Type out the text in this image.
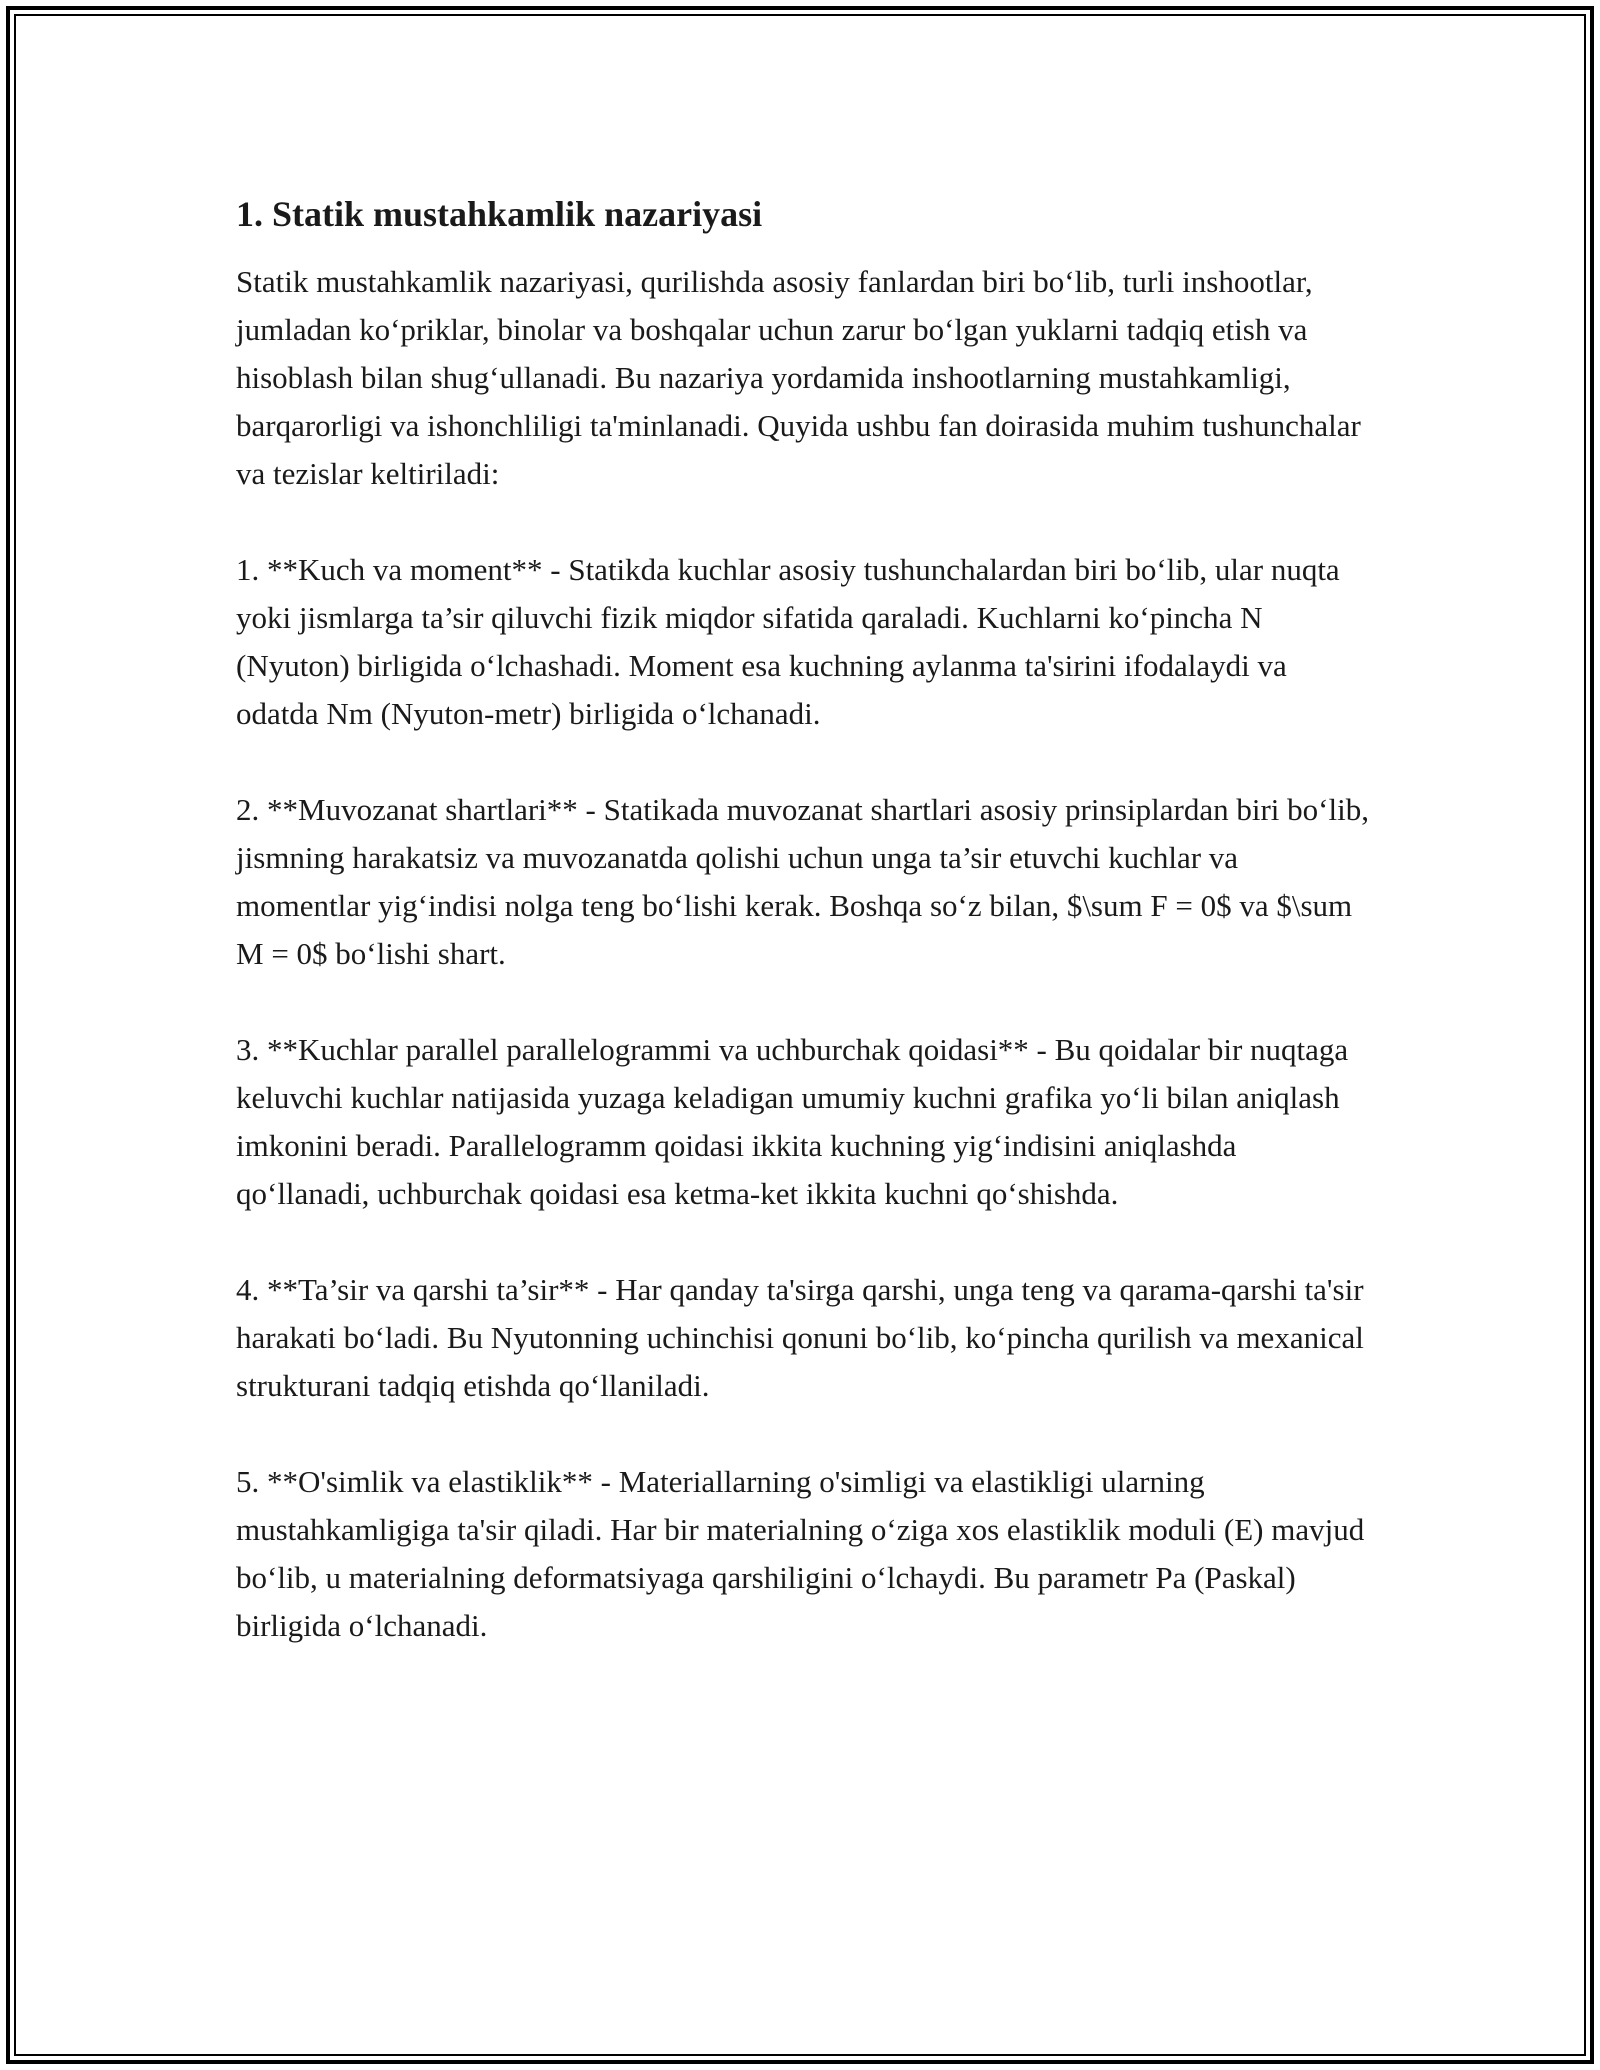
1. Statik mustahkamlik nazariyasi

Statik mustahkamlik nazariyasi, qurilishda asosiy fanlardan biri bo‘lib, turli inshootlar, jumladan ko‘priklar, binolar va boshqalar uchun zarur bo‘lgan yuklarni tadqiq etish va hisoblash bilan shug‘ullanadi. Bu nazariya yordamida inshootlarning mustahkamligi, barqarorligi va ishonchliligi ta'minlanadi. Quyida ushbu fan doirasida muhim tushunchalar va tezislar keltiriladi:

1. **Kuch va moment** - Statikda kuchlar asosiy tushunchalardan biri bo‘lib, ular nuqta yoki jismlarga ta’sir qiluvchi fizik miqdor sifatida qaraladi. Kuchlarni ko‘pincha N (Nyuton) birligida o‘lchashadi. Moment esa kuchning aylanma ta'sirini ifodalaydi va odatda Nm (Nyuton-metr) birligida o‘lchanadi.

2. **Muvozanat shartlari** - Statikada muvozanat shartlari asosiy prinsiplardan biri bo‘lib, jismning harakatsiz va muvozanatda qolishi uchun unga ta’sir etuvchi kuchlar va momentlar yig‘indisi nolga teng bo‘lishi kerak. Boshqa so‘z bilan, $\sum F = 0$ va $\sum M = 0$ bo‘lishi shart.

3. **Kuchlar parallel parallelogrammi va uchburchak qoidasi** - Bu qoidalar bir nuqtaga keluvchi kuchlar natijasida yuzaga keladigan umumiy kuchni grafika yo‘li bilan aniqlash imkonini beradi. Parallelogramm qoidasi ikkita kuchning yig‘indisini aniqlashda qo‘llanadi, uchburchak qoidasi esa ketma-ket ikkita kuchni qo‘shishda.

4. **Ta’sir va qarshi ta’sir** - Har qanday ta'sirga qarshi, unga teng va qarama-qarshi ta'sir harakati bo‘ladi. Bu Nyutonning uchinchisi qonuni bo‘lib, ko‘pincha qurilish va mexanical strukturani tadqiq etishda qo‘llaniladi.

5. **O'simlik va elastiklik** - Materiallarning o'simligi va elastikligi ularning mustahkamligiga ta'sir qiladi. Har bir materialning o‘ziga xos elastiklik moduli (E) mavjud bo‘lib, u materialning deformatsiyaga qarshiligini o‘lchaydi. Bu parametr Pa (Paskal) birligida o‘lchanadi.
